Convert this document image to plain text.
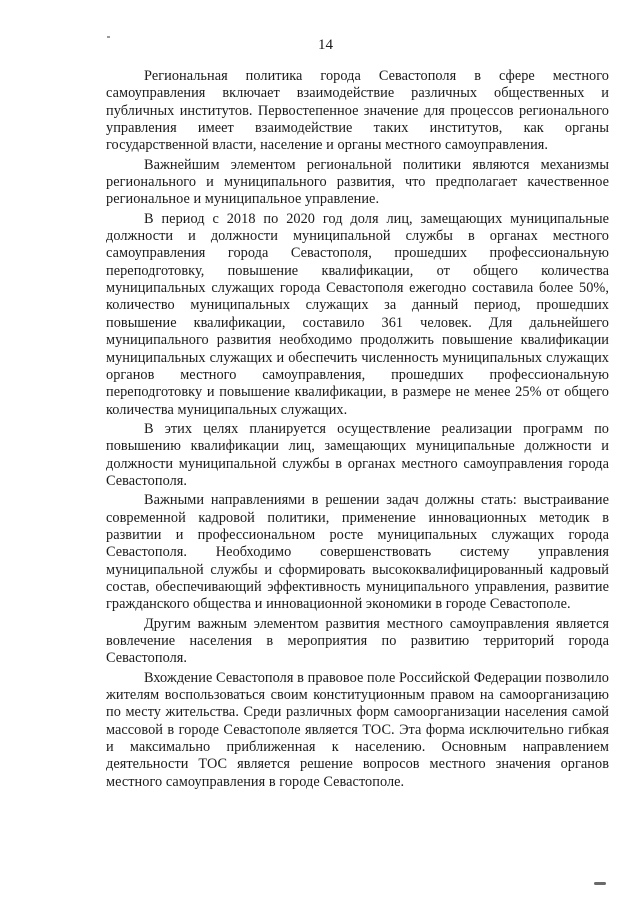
14

Региональная политика города Севастополя в сфере местного самоуправления включает взаимодействие различных общественных и публичных институтов. Первостепенное значение для процессов регионального управления имеет взаимодействие таких институтов, как органы государственной власти, население и органы местного самоуправления.

Важнейшим элементом региональной политики являются механизмы регионального и муниципального развития, что предполагает качественное региональное и муниципальное управление.

В период с 2018 по 2020 год доля лиц, замещающих муниципальные должности и должности муниципальной службы в органах местного самоуправления города Севастополя, прошедших профессиональную переподготовку, повышение квалификации, от общего количества муниципальных служащих города Севастополя ежегодно составила более 50%, количество муниципальных служащих за данный период, прошедших повышение квалификации, составило 361 человек. Для дальнейшего муниципального развития необходимо продолжить повышение квалификации муниципальных служащих и обеспечить численность муниципальных служащих органов местного самоуправления, прошедших профессиональную переподготовку и повышение квалификации, в размере не менее 25% от общего количества муниципальных служащих.

В этих целях планируется осуществление реализации программ по повышению квалификации лиц, замещающих муниципальные должности и должности муниципальной службы в органах местного самоуправления города Севастополя.

Важными направлениями в решении задач должны стать: выстраивание современной кадровой политики, применение инновационных методик в развитии и профессиональном росте муниципальных служащих города Севастополя. Необходимо совершенствовать систему управления муниципальной службы и сформировать высококвалифицированный кадровый состав, обеспечивающий эффективность муниципального управления, развитие гражданского общества и инновационной экономики в городе Севастополе.

Другим важным элементом развития местного самоуправления является вовлечение населения в мероприятия по развитию территорий города Севастополя.

Вхождение Севастополя в правовое поле Российской Федерации позволило жителям воспользоваться своим конституционным правом на самоорганизацию по месту жительства. Среди различных форм самоорганизации населения самой массовой в городе Севастополе является ТОС. Эта форма исключительно гибкая и максимально приближенная к населению. Основным направлением деятельности ТОС является решение вопросов местного значения органов местного самоуправления в городе Севастополе.
